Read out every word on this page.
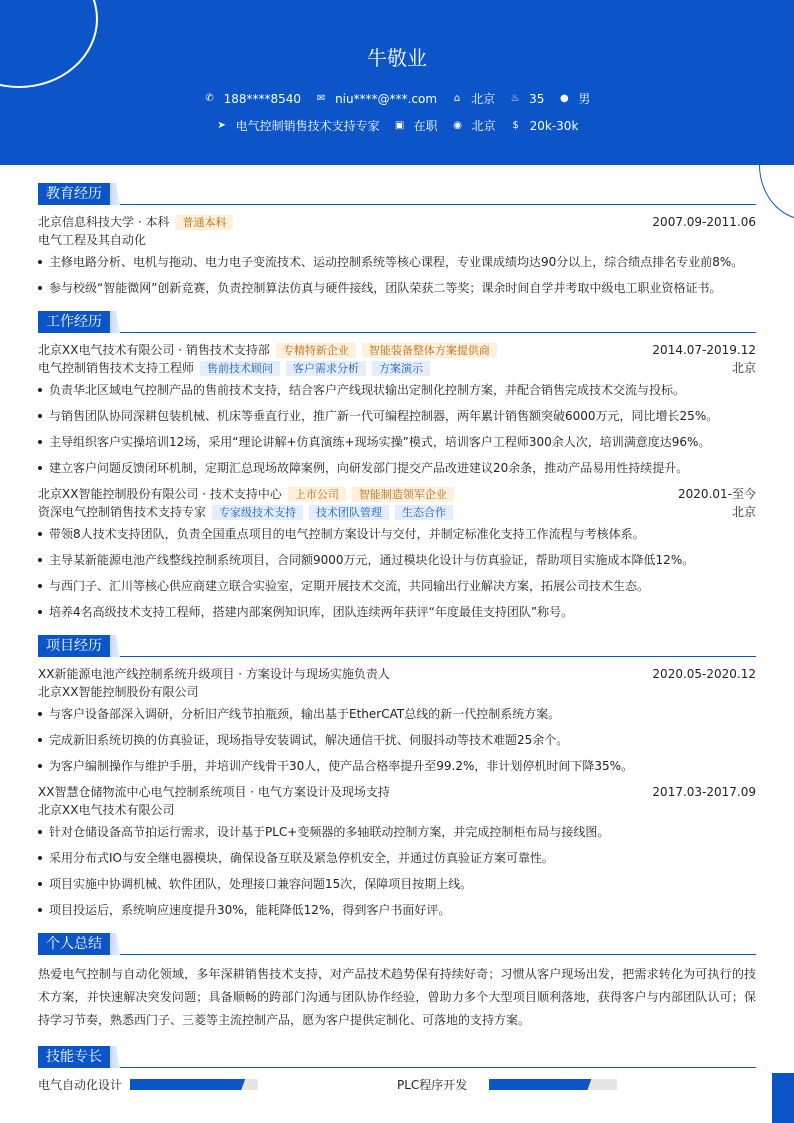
牛敬业
✆ 188****8540 ✉ niu****@***.com ⌂ 北京 ♨ 35 ● 男
➤ 电气控制销售技术支持专家 ▣ 在职 ◉ 北京 $ 20k-30k
教育经历
北京信息科技大学 · 本科	普通本科	2007.09-2011.06
电气工程及其自动化
主修电路分析、电机与拖动、电力电子变流技术、运动控制系统等核心课程，专业课成绩均达90分以上，综合绩点排名专业前8%。
参与校级“智能微网”创新竞赛，负责控制算法仿真与硬件接线，团队荣获二等奖；课余时间自学并考取中级电工职业资格证书。
工作经历
北京XX电气技术有限公司 · 销售技术支持部	专精特新企业	智能装备整体方案提供商	2014.07-2019.12
电气控制销售技术支持工程师	售前技术顾问	客户需求分析	方案演示	北京
负责华北区域电气控制产品的售前技术支持，结合客户产线现状输出定制化控制方案，并配合销售完成技术交流与投标。
与销售团队协同深耕包装机械、机床等垂直行业，推广新一代可编程控制器，两年累计销售额突破6000万元，同比增长25%。
主导组织客户实操培训12场，采用“理论讲解+仿真演练+现场实操”模式，培训客户工程师300余人次，培训满意度达96%。
建立客户问题反馈闭环机制，定期汇总现场故障案例，向研发部门提交产品改进建议20余条，推动产品易用性持续提升。
北京XX智能控制股份有限公司 · 技术支持中心	上市公司	智能制造领军企业	2020.01-至今
资深电气控制销售技术支持专家	专家级技术支持	技术团队管理	生态合作	北京
带领8人技术支持团队，负责全国重点项目的电气控制方案设计与交付，并制定标准化支持工作流程与考核体系。
主导某新能源电池产线整线控制系统项目，合同额9000万元，通过模块化设计与仿真验证，帮助项目实施成本降低12%。
与西门子、汇川等核心供应商建立联合实验室，定期开展技术交流，共同输出行业解决方案，拓展公司技术生态。
培养4名高级技术支持工程师，搭建内部案例知识库，团队连续两年获评“年度最佳支持团队”称号。
项目经历
XX新能源电池产线控制系统升级项目 · 方案设计与现场实施负责人	2020.05-2020.12
北京XX智能控制股份有限公司
与客户设备部深入调研，分析旧产线节拍瓶颈，输出基于EtherCAT总线的新一代控制系统方案。
完成新旧系统切换的仿真验证，现场指导安装调试，解决通信干扰、伺服抖动等技术难题25余个。
为客户编制操作与维护手册，并培训产线骨干30人，使产品合格率提升至99.2%，非计划停机时间下降35%。
XX智慧仓储物流中心电气控制系统项目 · 电气方案设计及现场支持	2017.03-2017.09
北京XX电气技术有限公司
针对仓储设备高节拍运行需求，设计基于PLC+变频器的多轴联动控制方案，并完成控制柜布局与接线图。
采用分布式IO与安全继电器模块，确保设备互联及紧急停机安全，并通过仿真验证方案可靠性。
项目实施中协调机械、软件团队，处理接口兼容问题15次，保障项目按期上线。
项目投运后，系统响应速度提升30%，能耗降低12%，得到客户书面好评。
个人总结
热爱电气控制与自动化领域，多年深耕销售技术支持，对产品技术趋势保有持续好奇；习惯从客户现场出发，把需求转化为可执行的技术方案，并快速解决突发问题；具备顺畅的跨部门沟通与团队协作经验，曾助力多个大型项目顺利落地，获得客户与内部团队认可；保持学习节奏，熟悉西门子、三菱等主流控制产品，愿为客户提供定制化、可落地的支持方案。
技能专长
电气自动化设计	PLC程序开发
